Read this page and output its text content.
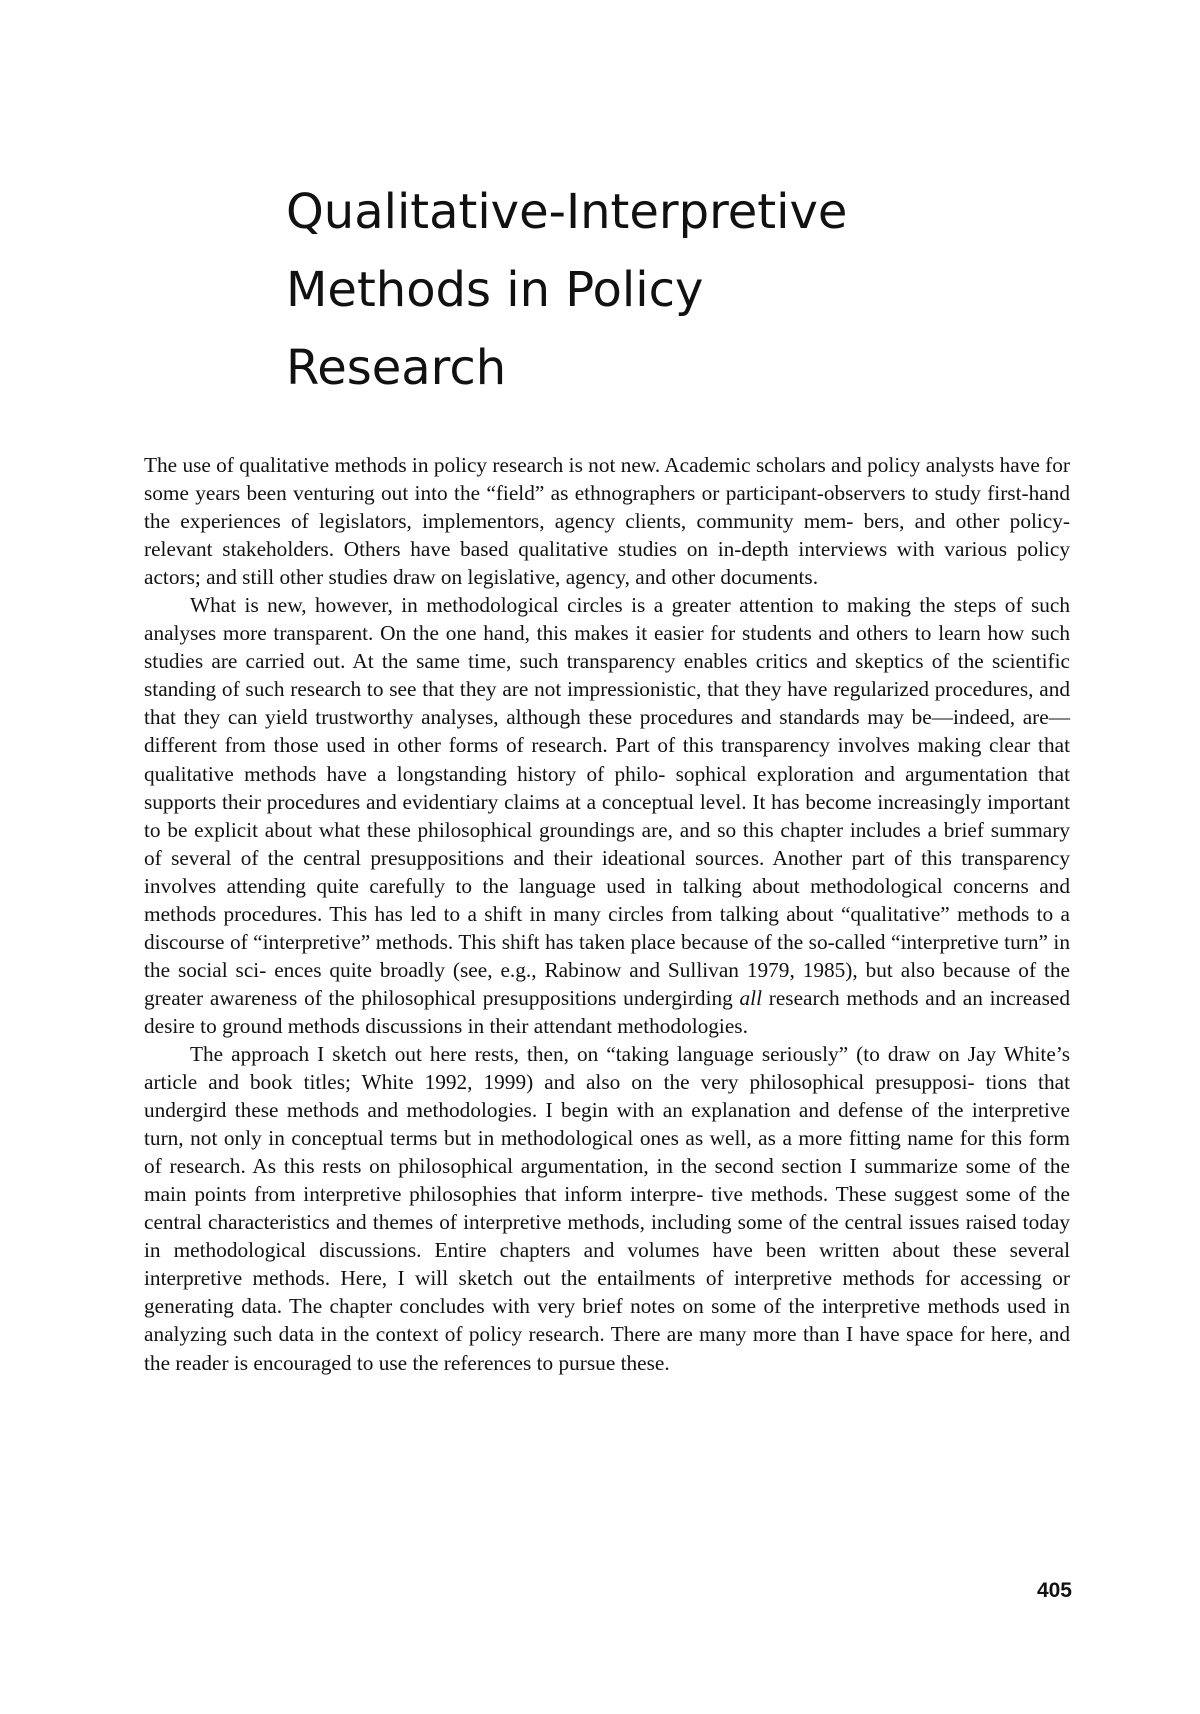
Qualitative-Interpretive
Methods in Policy
Research

The use of qualitative methods in policy research is not new. Academic scholars and policy analysts have for some years been venturing out into the “field” as ethnographers or participant-observers to study first-hand the experiences of legislators, implementors, agency clients, community mem- bers, and other policy-relevant stakeholders. Others have based qualitative studies on in-depth interviews with various policy actors; and still other studies draw on legislative, agency, and other documents.

What is new, however, in methodological circles is a greater attention to making the steps of such analyses more transparent. On the one hand, this makes it easier for students and others to learn how such studies are carried out. At the same time, such transparency enables critics and skeptics of the scientific standing of such research to see that they are not impressionistic, that they have regularized procedures, and that they can yield trustworthy analyses, although these procedures and standards may be—indeed, are—different from those used in other forms of research. Part of this transparency involves making clear that qualitative methods have a longstanding history of philo- sophical exploration and argumentation that supports their procedures and evidentiary claims at a conceptual level. It has become increasingly important to be explicit about what these philosophical groundings are, and so this chapter includes a brief summary of several of the central presuppositions and their ideational sources. Another part of this transparency involves attending quite carefully to the language used in talking about methodological concerns and methods procedures. This has led to a shift in many circles from talking about “qualitative” methods to a discourse of “interpretive” methods. This shift has taken place because of the so-called “interpretive turn” in the social sci- ences quite broadly (see, e.g., Rabinow and Sullivan 1979, 1985), but also because of the greater awareness of the philosophical presuppositions undergirding all research methods and an increased desire to ground methods discussions in their attendant methodologies.

The approach I sketch out here rests, then, on “taking language seriously” (to draw on Jay White’s article and book titles; White 1992, 1999) and also on the very philosophical presupposi- tions that undergird these methods and methodologies. I begin with an explanation and defense of the interpretive turn, not only in conceptual terms but in methodological ones as well, as a more fitting name for this form of research. As this rests on philosophical argumentation, in the second section I summarize some of the main points from interpretive philosophies that inform interpre- tive methods. These suggest some of the central characteristics and themes of interpretive methods, including some of the central issues raised today in methodological discussions. Entire chapters and volumes have been written about these several interpretive methods. Here, I will sketch out the entailments of interpretive methods for accessing or generating data. The chapter concludes with very brief notes on some of the interpretive methods used in analyzing such data in the context of policy research. There are many more than I have space for here, and the reader is encouraged to use the references to pursue these.

405
